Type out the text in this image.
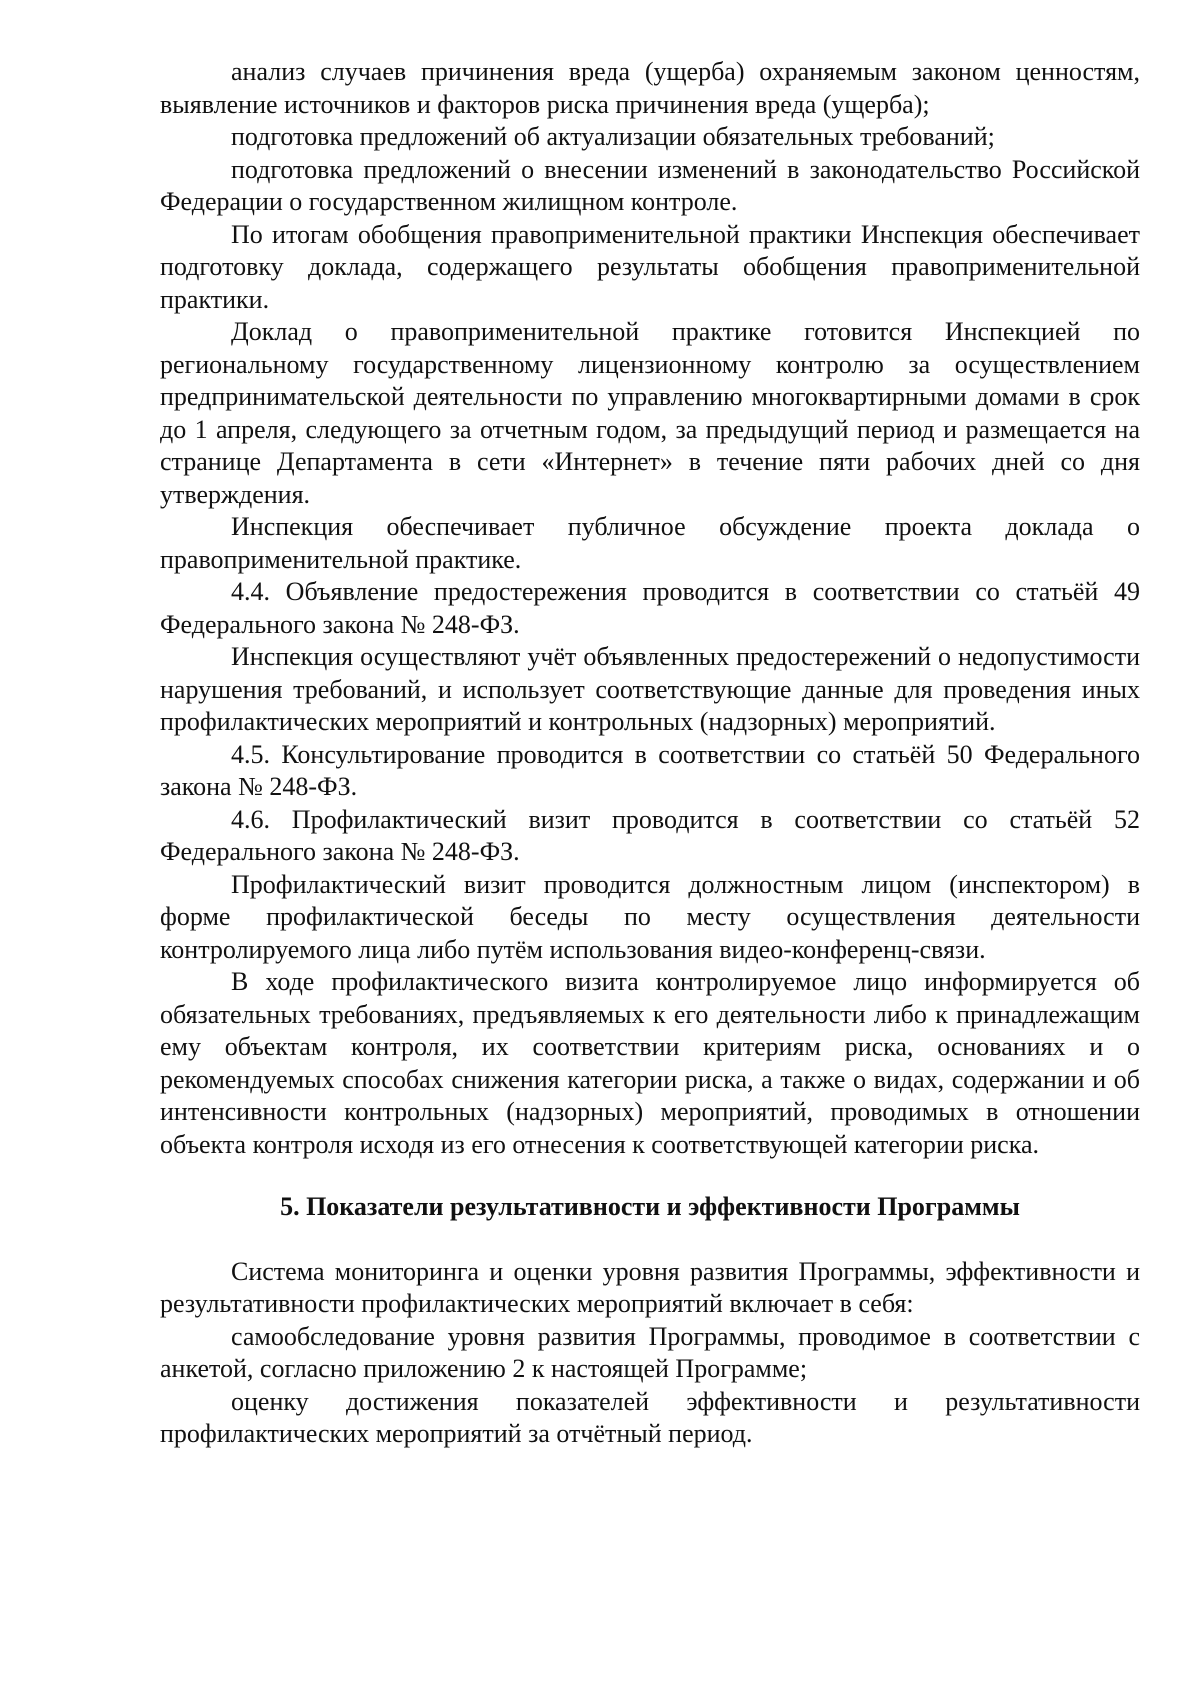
анализ случаев причинения вреда (ущерба) охраняемым законом ценностям, выявление источников и факторов риска причинения вреда (ущерба);

подготовка предложений об актуализации обязательных требований;

подготовка предложений о внесении изменений в законодательство Российской Федерации о государственном жилищном контроле.

По итогам обобщения правоприменительной практики Инспекция обеспечивает подготовку доклада, содержащего результаты обобщения правоприменительной практики.

Доклад о правоприменительной практике готовится Инспекцией по региональному государственному лицензионному контролю за осуществлением предпринимательской деятельности по управлению многоквартирными домами в срок до 1 апреля, следующего за отчетным годом, за предыдущий период и размещается на странице Департамента в сети «Интернет» в течение пяти рабочих дней со дня утверждения.

Инспекция обеспечивает публичное обсуждение проекта доклада о правоприменительной практике.

4.4. Объявление предостережения проводится в соответствии со статьёй 49 Федерального закона № 248-ФЗ.

Инспекция осуществляют учёт объявленных предостережений о недопустимости нарушения требований, и использует соответствующие данные для проведения иных профилактических мероприятий и контрольных (надзорных) мероприятий.

4.5. Консультирование проводится в соответствии со статьёй 50 Федерального закона № 248-ФЗ.

4.6. Профилактический визит проводится в соответствии со статьёй 52 Федерального закона № 248-ФЗ.

Профилактический визит проводится должностным лицом (инспектором) в форме профилактической беседы по месту осуществления деятельности контролируемого лица либо путём использования видео-конференц-связи.

В ходе профилактического визита контролируемое лицо информируется об обязательных требованиях, предъявляемых к его деятельности либо к принадлежащим ему объектам контроля, их соответствии критериям риска, основаниях и о рекомендуемых способах снижения категории риска, а также о видах, содержании и об интенсивности контрольных (надзорных) мероприятий, проводимых в отношении объекта контроля исходя из его отнесения к соответствующей категории риска.

5. Показатели результативности и эффективности Программы

Система мониторинга и оценки уровня развития Программы, эффективности и результативности профилактических мероприятий включает в себя:

самообследование уровня развития Программы, проводимое в соответствии с анкетой, согласно приложению 2 к настоящей Программе;

оценку достижения показателей эффективности и результативности профилактических мероприятий за отчётный период.
